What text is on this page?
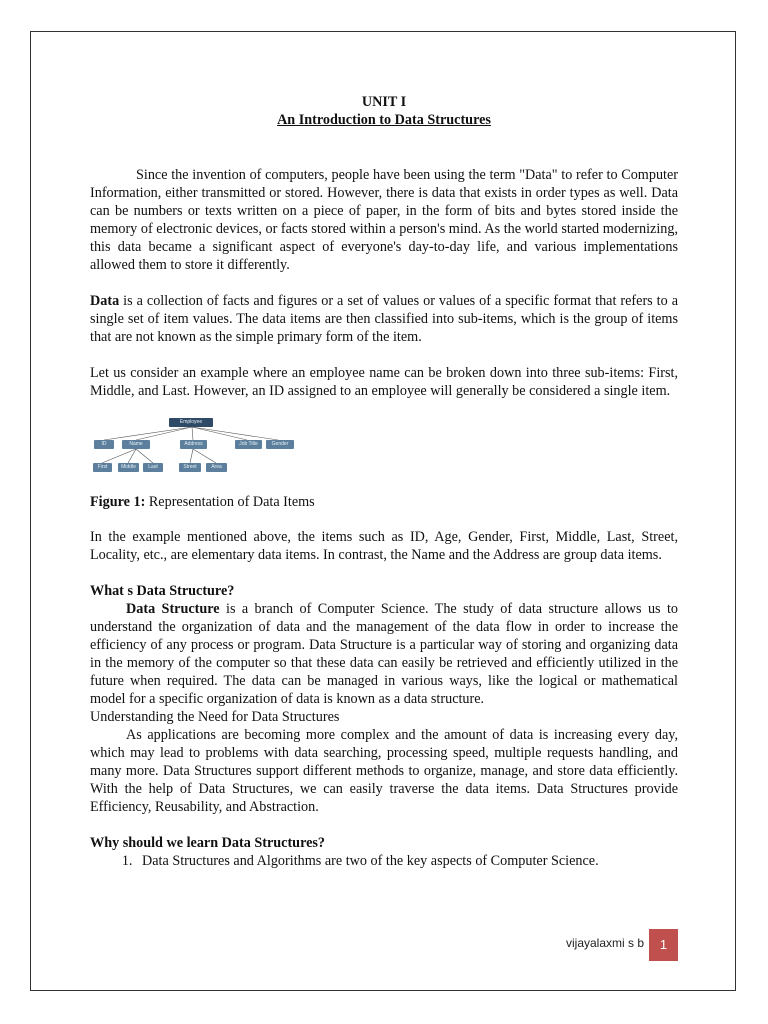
UNIT I

An Introduction to Data Structures

Since the invention of computers, people have been using the term "Data" to refer to Computer Information, either transmitted or stored. However, there is data that exists in order types as well. Data can be numbers or texts written on a piece of paper, in the form of bits and bytes stored inside the memory of electronic devices, or facts stored within a person's mind. As the world started modernizing, this data became a significant aspect of everyone's day-to-day life, and various implementations allowed them to store it differently.

Data is a collection of facts and figures or a set of values or values of a specific format that refers to a single set of item values. The data items are then classified into sub-items, which is the group of items that are not known as the simple primary form of the item.

Let us consider an example where an employee name can be broken down into three sub-items: First, Middle, and Last. However, an ID assigned to an employee will generally be considered a single item.

Employee
ID	Name	Address	Job Title	Gender
First	Middle	Last	Street	Area

Figure 1: Representation of Data Items

In the example mentioned above, the items such as ID, Age, Gender, First, Middle, Last, Street, Locality, etc., are elementary data items. In contrast, the Name and the Address are group data items.

What s Data Structure?

Data Structure is a branch of Computer Science. The study of data structure allows us to understand the organization of data and the management of the data flow in order to increase the efficiency of any process or program. Data Structure is a particular way of storing and organizing data in the memory of the computer so that these data can easily be retrieved and efficiently utilized in the future when required. The data can be managed in various ways, like the logical or mathematical model for a specific organization of data is known as a data structure.

Understanding the Need for Data Structures

As applications are becoming more complex and the amount of data is increasing every day, which may lead to problems with data searching, processing speed, multiple requests handling, and many more. Data Structures support different methods to organize, manage, and store data efficiently. With the help of Data Structures, we can easily traverse the data items. Data Structures provide Efficiency, Reusability, and Abstraction.

Why should we learn Data Structures?

1. Data Structures and Algorithms are two of the key aspects of Computer Science.
vijayalaxmi s b	1
